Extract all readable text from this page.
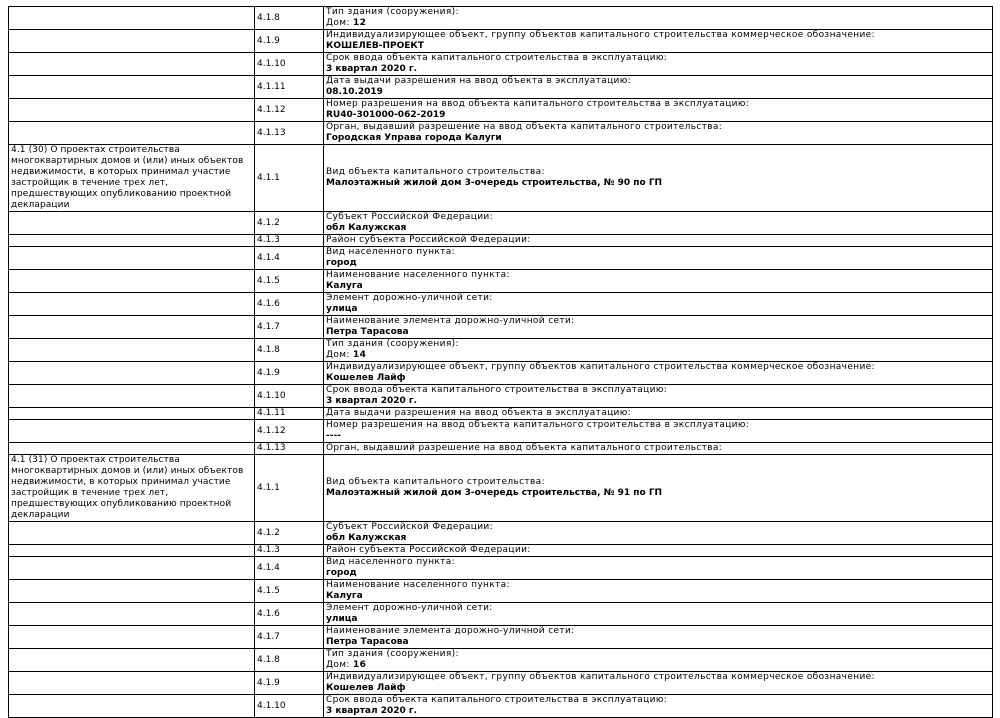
	4.1.8	Тип здания (сооружения):
Дом: 12

	4.1.9	Индивидуализирующее объект, группу объектов капитального строительства коммерческое обозначение:
КОШЕЛЕВ-ПРОЕКТ

	4.1.10	Срок ввода объекта капитального строительства в эксплуатацию:
3 квартал 2020 г.

	4.1.11	Дата выдачи разрешения на ввод объекта в эксплуатацию:
08.10.2019

	4.1.12	Номер разрешения на ввод объекта капитального строительства в эксплуатацию:
RU40-301000-062-2019

	4.1.13	Орган, выдавший разрешение на ввод объекта капитального строительства:
Городская Управа города Калуги

4.1 (30) О проектах строительства многоквартирных домов и (или) иных объектов недвижимости, в которых принимал участие застройщик в течение трех лет, предшествующих опубликованию проектной декларации	4.1.1	Вид объекта капитального строительства:
Малоэтажный жилой дом 3-очередь строительства, № 90 по ГП

	4.1.2	Субъект Российской Федерации:
обл Калужская

	4.1.3	Район субъекта Российской Федерации:

	4.1.4	Вид населенного пункта:
город

	4.1.5	Наименование населенного пункта:
Калуга

	4.1.6	Элемент дорожно-уличной сети:
улица

	4.1.7	Наименование элемента дорожно-уличной сети:
Петра Тарасова

	4.1.8	Тип здания (сооружения):
Дом: 14

	4.1.9	Индивидуализирующее объект, группу объектов капитального строительства коммерческое обозначение:
Кошелев Лайф

	4.1.10	Срок ввода объекта капитального строительства в эксплуатацию:
3 квартал 2020 г.

	4.1.11	Дата выдачи разрешения на ввод объекта в эксплуатацию:

	4.1.12	Номер разрешения на ввод объекта капитального строительства в эксплуатацию:
----

	4.1.13	Орган, выдавший разрешение на ввод объекта капитального строительства:

4.1 (31) О проектах строительства многоквартирных домов и (или) иных объектов недвижимости, в которых принимал участие застройщик в течение трех лет, предшествующих опубликованию проектной декларации	4.1.1	Вид объекта капитального строительства:
Малоэтажный жилой дом 3-очередь строительства, № 91 по ГП

	4.1.2	Субъект Российской Федерации:
обл Калужская

	4.1.3	Район субъекта Российской Федерации:

	4.1.4	Вид населенного пункта:
город

	4.1.5	Наименование населенного пункта:
Калуга

	4.1.6	Элемент дорожно-уличной сети:
улица

	4.1.7	Наименование элемента дорожно-уличной сети:
Петра Тарасова

	4.1.8	Тип здания (сооружения):
Дом: 16

	4.1.9	Индивидуализирующее объект, группу объектов капитального строительства коммерческое обозначение:
Кошелев Лайф

	4.1.10	Срок ввода объекта капитального строительства в эксплуатацию:
3 квартал 2020 г.
